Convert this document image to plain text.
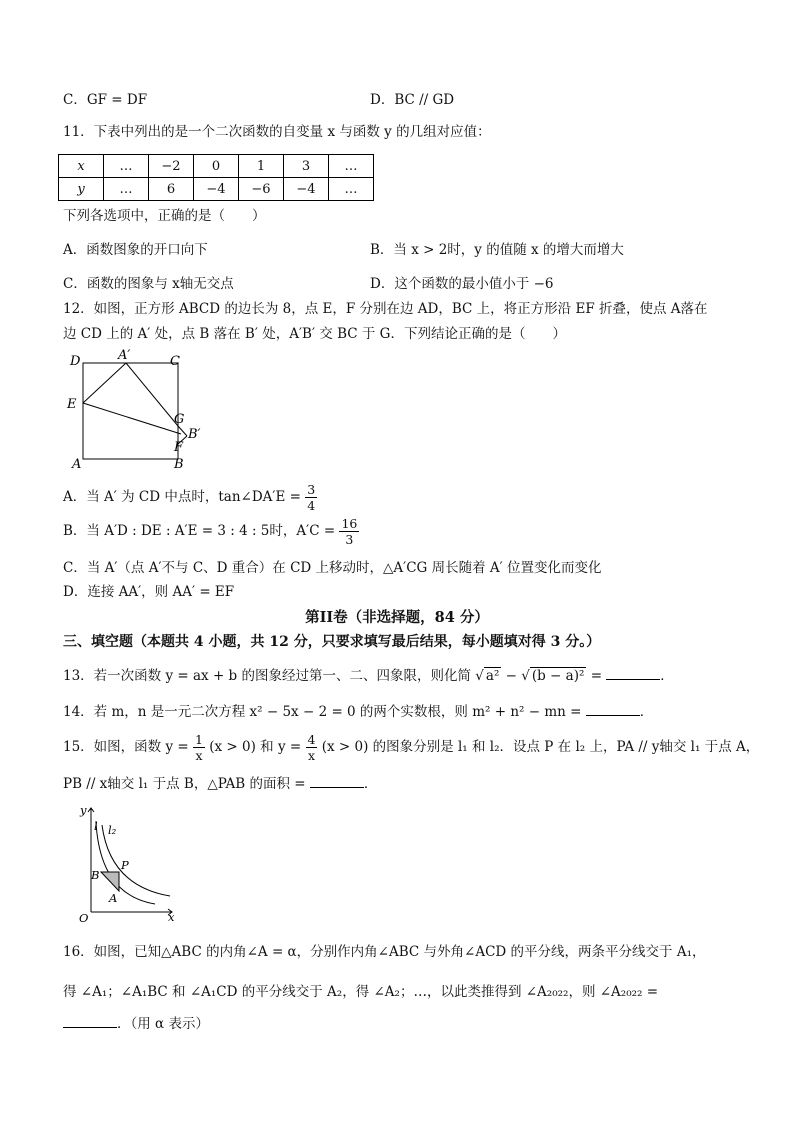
C．GF = DF	D．BC // GD
11．下表中列出的是一个二次函数的自变量 x 与函数 y 的几组对应值：
x	…	−2	0	1	3	…
y	…	6	−4	−6	−4	…
下列各选项中，正确的是（　　）
A．函数图象的开口向下	B．当 x > 2时，y 的值随 x 的增大而增大
C．函数的图象与 x轴无交点	D．这个函数的最小值小于 −6
12．如图，正方形 ABCD 的边长为 8，点 E，F 分别在边 AD，BC 上，将正方形沿 EF 折叠，使点 A落在
边 CD 上的 A′ 处，点 B 落在 B′ 处，A′B′ 交 BC 于 G．下列结论正确的是（　　）
D	A′	C
E
G
B′
F
A	B
A．当 A′ 为 CD 中点时，tan∠DA′E = $\frac{3}{4}$
B．当 A′D : DE : A′E = 3 : 4 : 5时，$A'C = \frac{16}{3}$
C．当 A′（点 A′不与 C、D 重合）在 CD 上移动时，△A′CG 周长随着 A′ 位置变化而变化
D．连接 AA′，则 AA′ = EF
第II卷（非选择题，84 分）
三、填空题（本题共 4 小题，共 12 分，只要求填写最后结果，每小题填对得 3 分。）
13．若一次函数 y = ax + b 的图象经过第一、二、四象限，则化简 √ a² − √ (b − a)² =	．
14．若 m，n 是一元二次方程 x² − 5x − 2 = 0 的两个实数根，则 m² + n² − mn =	．
15．如图，函数 $y = \frac{1}{x} (x > 0)$ 和 $y = \frac{4}{x} (x > 0)$ 的图象分别是 l₁ 和 l₂．设点 P 在 l₂ 上，PA // y轴交 l₁ 于点 A，
PB // x轴交 l₁ 于点 B，△PAB 的面积 =	．
y
l l₂
P
B
A
O	x
16．如图，已知△ABC 的内角∠A = α，分别作内角∠ABC 与外角∠ACD 的平分线，两条平分线交于 A₁，
得 ∠A₁；∠A₁BC 和 ∠A₁CD 的平分线交于 A₂，得 ∠A₂；…，以此类推得到 ∠A₂₀₂₂，则 ∠A₂₀₂₂ =
．（用 α 表示）
